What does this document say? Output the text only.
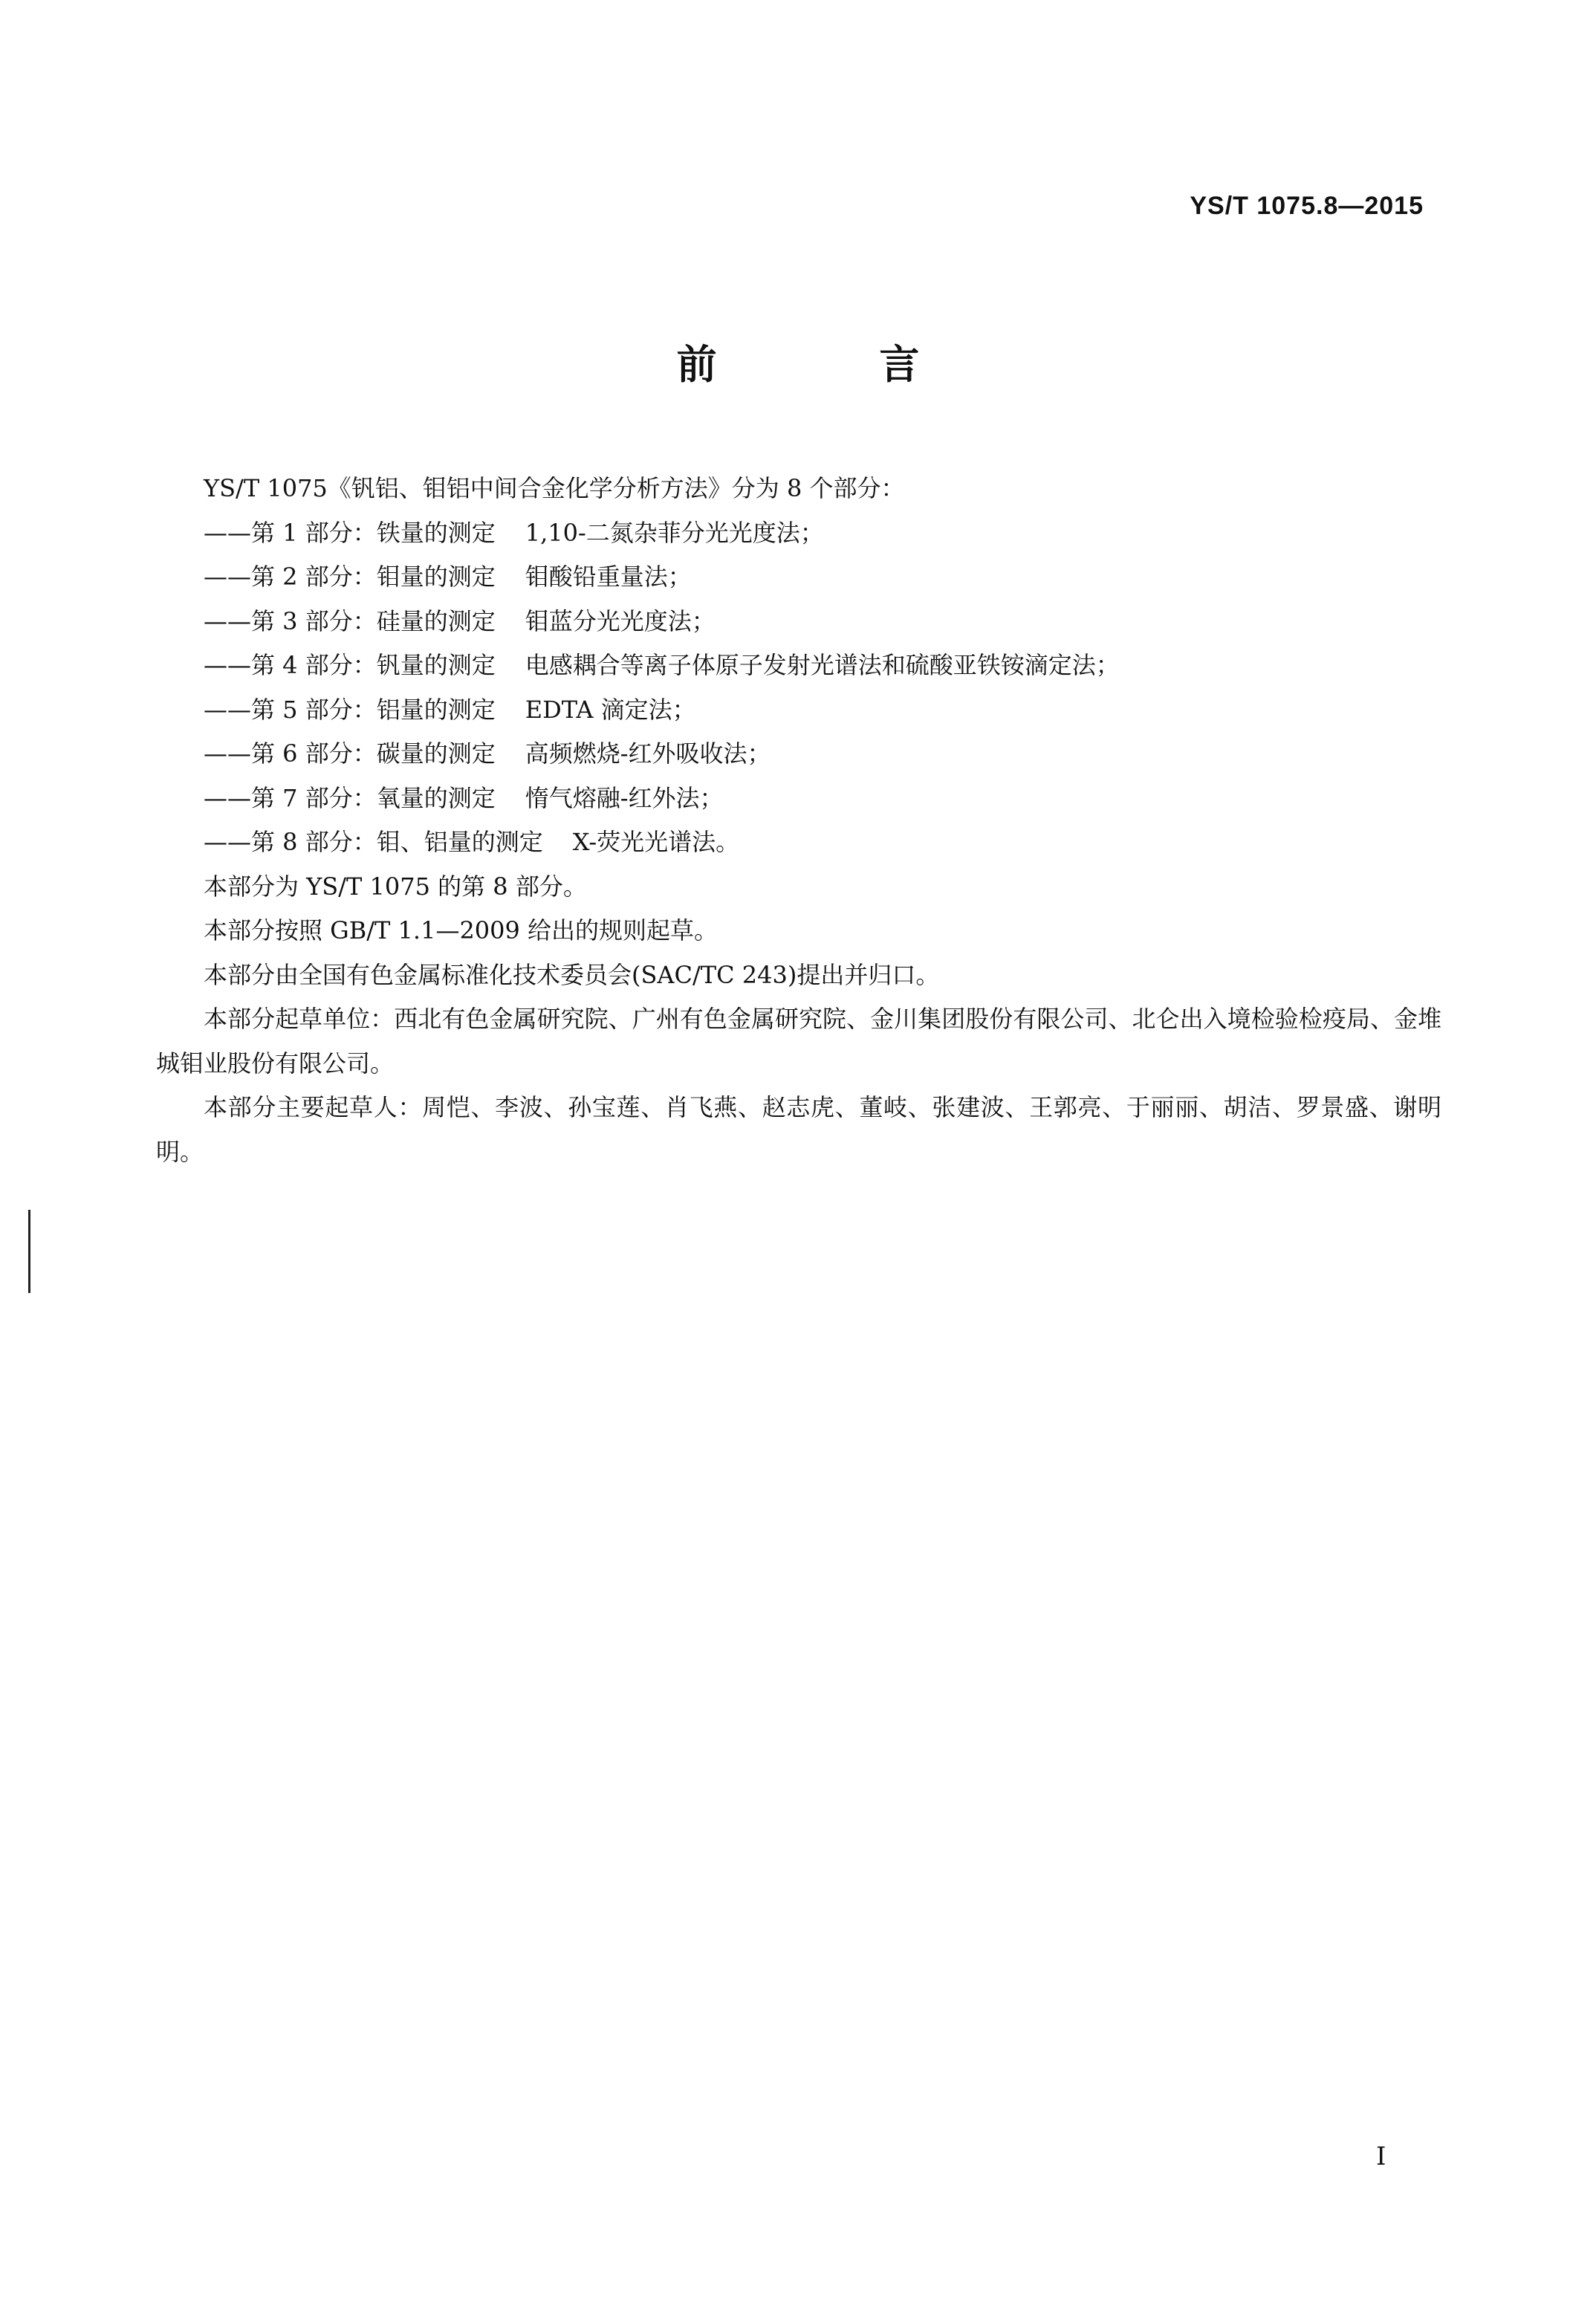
YS/T 1075.8—2015
前 言

YS/T 1075《钒铝、钼铝中间合金化学分析方法》分为 8 个部分：

——第 1 部分：铁量的测定 1,10-二氮杂菲分光光度法；
——第 2 部分：钼量的测定 钼酸铅重量法；
——第 3 部分：硅量的测定 钼蓝分光光度法；
——第 4 部分：钒量的测定 电感耦合等离子体原子发射光谱法和硫酸亚铁铵滴定法；
——第 5 部分：铝量的测定 EDTA 滴定法；
——第 6 部分：碳量的测定 高频燃烧-红外吸收法；
——第 7 部分：氧量的测定 惰气熔融-红外法；
——第 8 部分：钼、铝量的测定 X-荧光光谱法。

本部分为 YS/T 1075 的第 8 部分。

本部分按照 GB/T 1.1—2009 给出的规则起草。

本部分由全国有色金属标准化技术委员会(SAC/TC 243)提出并归口。

本部分起草单位：西北有色金属研究院、广州有色金属研究院、金川集团股份有限公司、北仑出入境检验检疫局、金堆城钼业股份有限公司。

本部分主要起草人：周恺、李波、孙宝莲、肖飞燕、赵志虎、董岐、张建波、王郭亮、于丽丽、胡洁、罗景盛、谢明明。

I
